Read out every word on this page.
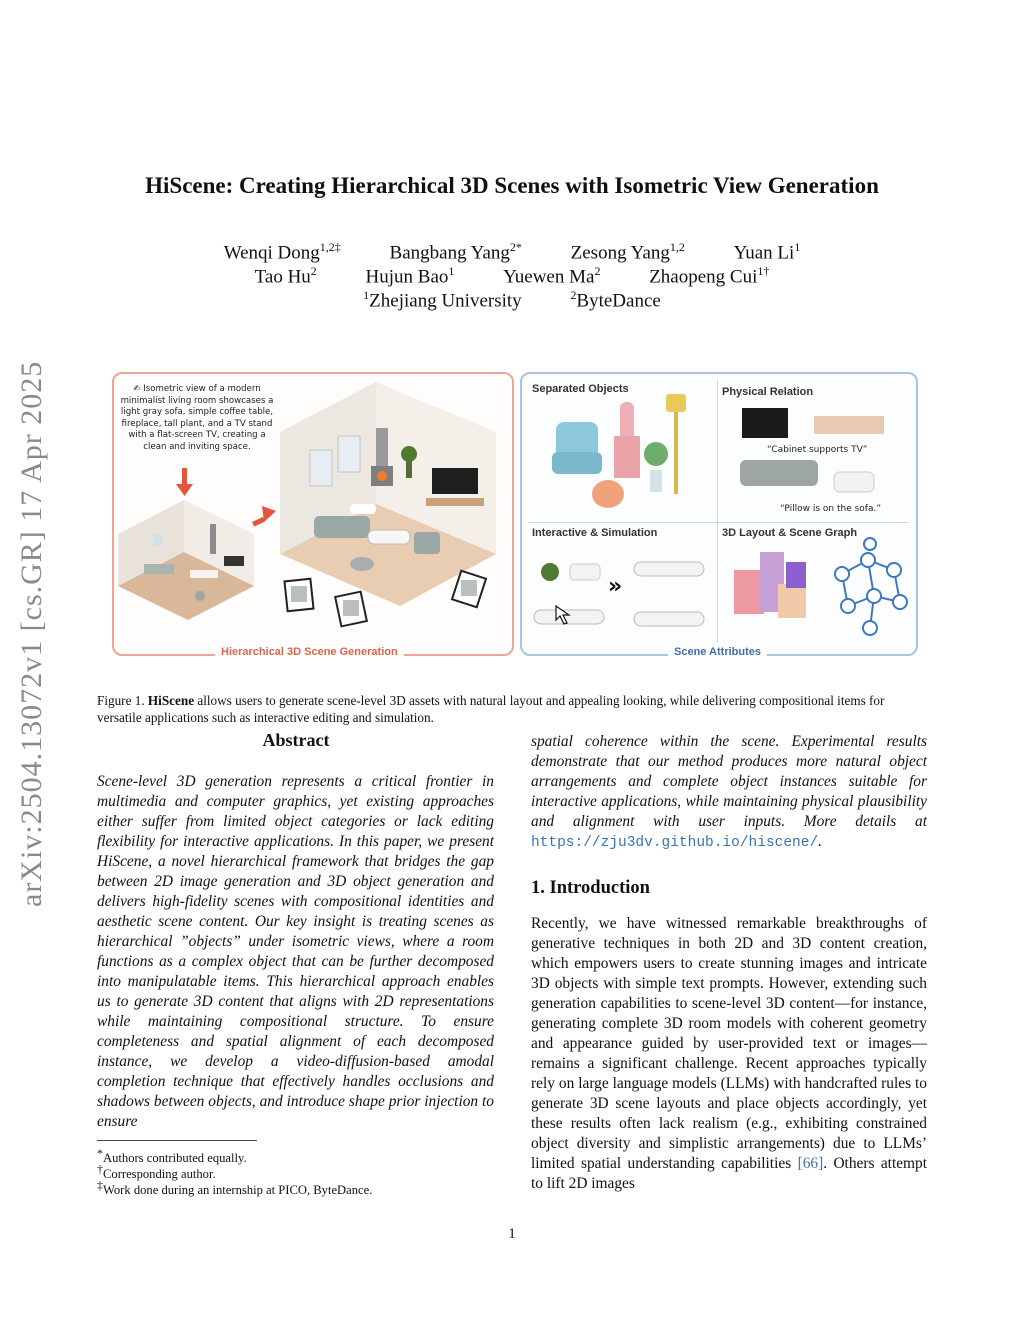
arXiv:2504.13072v1 [cs.GR] 17 Apr 2025
HiScene: Creating Hierarchical 3D Scenes with Isometric View Generation
Wenqi Dong$^{1,2\ddagger}$	Bangbang Yang$^{2*}$	Zesong Yang$^{1,2}$	Yuan Li$^1$
Tao Hu$^2$	Hujun Bao$^1$	Yuewen Ma$^2$	Zhaopeng Cui$^{1\dagger}$
$^1$Zhejiang University	$^2$ByteDance
✍ Isometric view of a modern minimalist living room showcases a light gray sofa, simple coffee table, fireplace, tall plant, and a TV stand with a flat-screen TV, creating a clean and inviting space.
Hierarchical 3D Scene Generation
Separated Objects	Physical Relation
Interactive & Simulation	3D Layout & Scene Graph
“Cabinet supports TV”
“Pillow is on the sofa.”
»
Scene Attributes
Figure 1. HiScene allows users to generate scene-level 3D assets with natural layout and appealing looking, while delivering compositional items for versatile applications such as interactive editing and simulation.
Abstract
Scene-level 3D generation represents a critical frontier in multimedia and computer graphics, yet existing approaches either suffer from limited object categories or lack editing flexibility for interactive applications. In this paper, we present HiScene, a novel hierarchical framework that bridges the gap between 2D image generation and 3D object generation and delivers high-fidelity scenes with compositional identities and aesthetic scene content. Our key insight is treating scenes as hierarchical ”objects” under isometric views, where a room functions as a complex object that can be further decomposed into manipulatable items. This hierarchical approach enables us to generate 3D content that aligns with 2D representations while maintaining compositional structure. To ensure completeness and spatial alignment of each decomposed instance, we develop a video-diffusion-based amodal completion technique that effectively handles occlusions and shadows between objects, and introduce shape prior injection to ensure
spatial coherence within the scene. Experimental results demonstrate that our method produces more natural object arrangements and complete object instances suitable for interactive applications, while maintaining physical plausibility and alignment with user inputs. More details at https://zju3dv.github.io/hiscene/.
1. Introduction
Recently, we have witnessed remarkable breakthroughs of generative techniques in both 2D and 3D content creation, which empowers users to create stunning images and intricate 3D objects with simple text prompts. However, extending such generation capabilities to scene-level 3D content—for instance, generating complete 3D room models with coherent geometry and appearance guided by user-provided text or images—remains a significant challenge. Recent approaches typically rely on large language models (LLMs) with handcrafted rules to generate 3D scene layouts and place objects accordingly, yet these results often lack realism (e.g., exhibiting constrained object diversity and simplistic arrangements) due to LLMs’ limited spatial understanding capabilities [66]. Others attempt to lift 2D images
*Authors contributed equally.
†Corresponding author.
‡Work done during an internship at PICO, ByteDance.
1
